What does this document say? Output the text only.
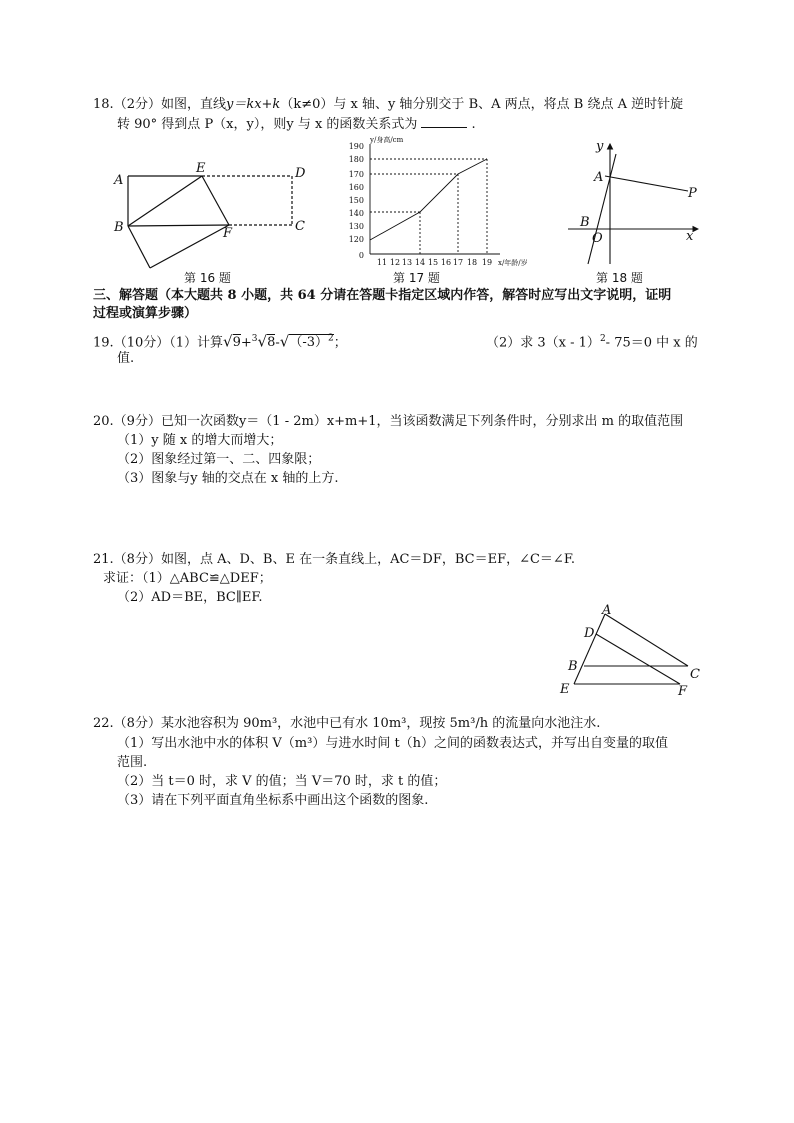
18.（2分）如图，直线y＝kx+k（k≠0）与 x 轴、y 轴分别交于 B、A 两点，将点 B 绕点 A 逆时针旋
转 90° 得到点 P（x，y），则y 与 x 的函数关系式为	.
A
B
E
F
D
C
第 16 题
y/身高/cm
190
180
170
160
150
140
130
120
0
11 12 13 14 15 16 17 18 19 x/年龄/岁
第 17 题
y
x
A
B
O
P
第 18 题
三、解答题（本大题共 8 小题，共 64 分请在答题卡指定区域内作答，解答时应写出文字说明，证明
过程或演算步骤）
19.（10分）（1）计算$√9+^3√8-√(-3)^2$；	（2）求 3（x - 1）$^2$- 75＝0 中 x 的
值.
20.（9分）已知一次函数y＝（1 - 2m）x+m+1，当该函数满足下列条件时，分别求出 m 的取值范围
（1）y 随 x 的增大而增大；
（2）图象经过第一、二、四象限；
（3）图象与y 轴的交点在 x 轴的上方.
21.（8分）如图，点 A、D、B、E 在一条直线上，AC＝DF，BC＝EF，∠C＝∠F.
求证：（1）△ABC≌△DEF；
（2）AD＝BE，BC∥EF.
A
D
B
C
E	F
22.（8分）某水池容积为 90m³，水池中已有水 10m³，现按 5m³/h 的流量向水池注水.
（1）写出水池中水的体积 V（m³）与进水时间 t（h）之间的函数表达式，并写出自变量的取值
范围.
（2）当 t＝0 时，求 V 的值；当 V＝70 时，求 t 的值；
（3）请在下列平面直角坐标系中画出这个函数的图象.
